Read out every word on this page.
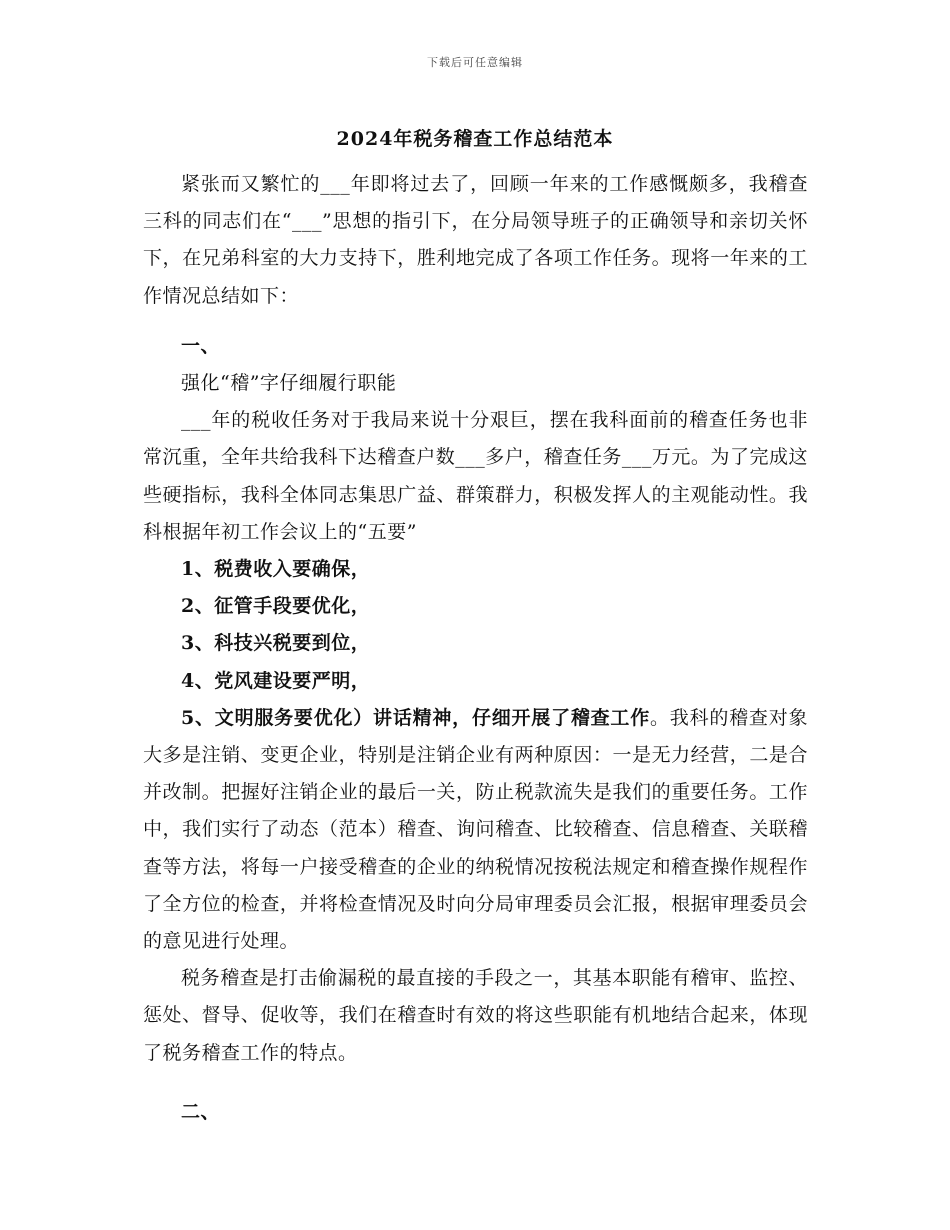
下载后可任意编辑
2024年税务稽查工作总结范本

紧张而又繁忙的___年即将过去了，回顾一年来的工作感慨颇多，我稽查三科的同志们在“___”思想的指引下，在分局领导班子的正确领导和亲切关怀下，在兄弟科室的大力支持下，胜利地完成了各项工作任务。现将一年来的工作情况总结如下：

一、

强化“稽”字仔细履行职能

___年的税收任务对于我局来说十分艰巨，摆在我科面前的稽查任务也非常沉重，全年共给我科下达稽查户数___多户，稽查任务___万元。为了完成这些硬指标，我科全体同志集思广益、群策群力，积极发挥人的主观能动性。我科根据年初工作会议上的“五要”

1、税费收入要确保，

2、征管手段要优化，

3、科技兴税要到位，

4、党风建设要严明，

5、文明服务要优化）讲话精神，仔细开展了稽查工作。我科的稽查对象大多是注销、变更企业，特别是注销企业有两种原因：一是无力经营，二是合并改制。把握好注销企业的最后一关，防止税款流失是我们的重要任务。工作中，我们实行了动态（范本）稽查、询问稽查、比较稽查、信息稽查、关联稽查等方法，将每一户接受稽查的企业的纳税情况按税法规定和稽查操作规程作了全方位的检查，并将检查情况及时向分局审理委员会汇报，根据审理委员会的意见进行处理。

税务稽查是打击偷漏税的最直接的手段之一，其基本职能有稽审、监控、惩处、督导、促收等，我们在稽查时有效的将这些职能有机地结合起来，体现了税务稽查工作的特点。

二、
